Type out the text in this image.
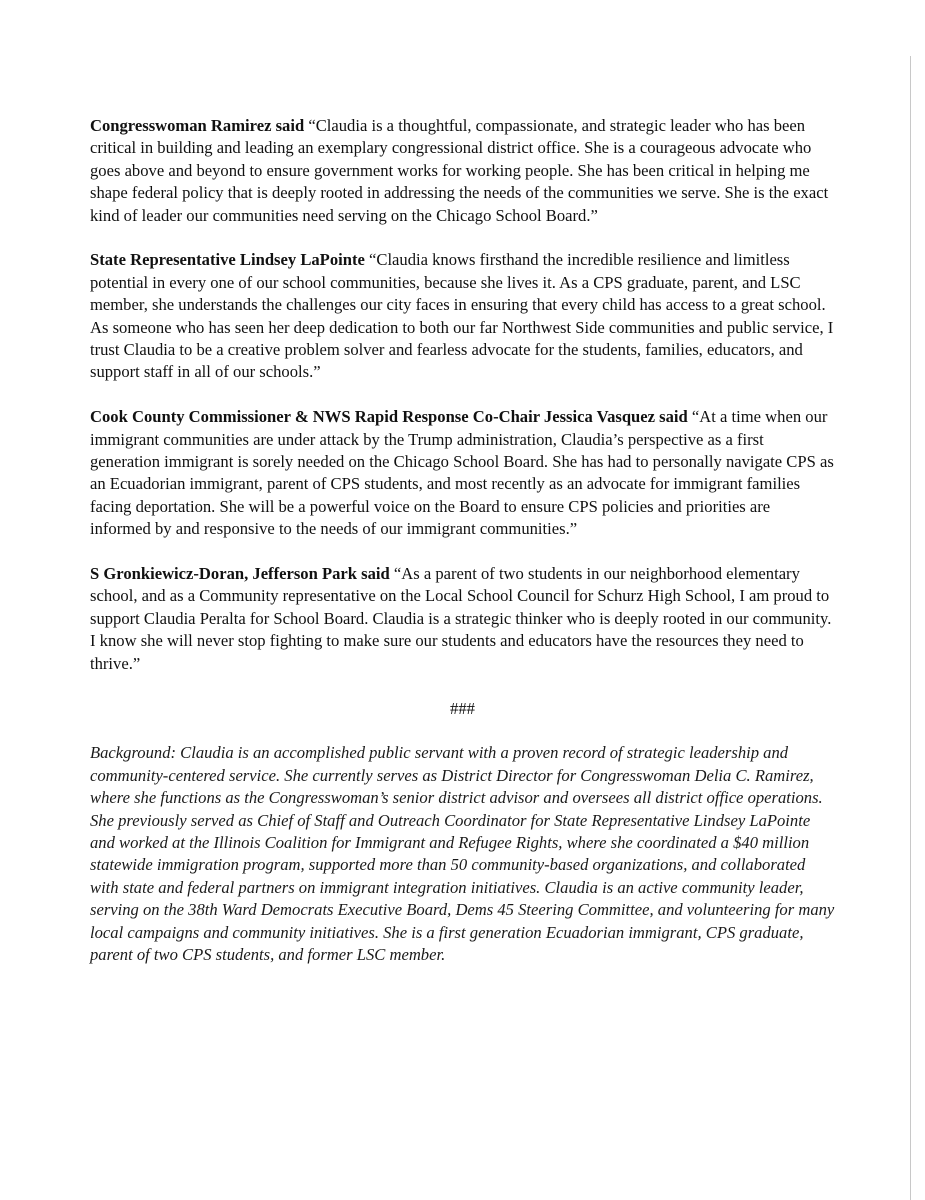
Congresswoman Ramirez said “Claudia is a thoughtful, compassionate, and strategic leader who has been critical in building and leading an exemplary congressional district office. She is a courageous advocate who goes above and beyond to ensure government works for working people. She has been critical in helping me shape federal policy that is deeply rooted in addressing the needs of the communities we serve. She is the exact kind of leader our communities need serving on the Chicago School Board.”

State Representative Lindsey LaPointe “Claudia knows firsthand the incredible resilience and limitless potential in every one of our school communities, because she lives it. As a CPS graduate, parent, and LSC member, she understands the challenges our city faces in ensuring that every child has access to a great school. As someone who has seen her deep dedication to both our far Northwest Side communities and public service, I trust Claudia to be a creative problem solver and fearless advocate for the students, families, educators, and support staff in all of our schools.”

Cook County Commissioner & NWS Rapid Response Co-Chair Jessica Vasquez said “At a time when our immigrant communities are under attack by the Trump administration, Claudia’s perspective as a first generation immigrant is sorely needed on the Chicago School Board. She has had to personally navigate CPS as an Ecuadorian immigrant, parent of CPS students, and most recently as an advocate for immigrant families facing deportation. She will be a powerful voice on the Board to ensure CPS policies and priorities are informed by and responsive to the needs of our immigrant communities.”

S Gronkiewicz-Doran, Jefferson Park said “As a parent of two students in our neighborhood elementary school, and as a Community representative on the Local School Council for Schurz High School, I am proud to support Claudia Peralta for School Board. Claudia is a strategic thinker who is deeply rooted in our community. I know she will never stop fighting to make sure our students and educators have the resources they need to thrive.”

###

Background: Claudia is an accomplished public servant with a proven record of strategic leadership and community-centered service. She currently serves as District Director for Congresswoman Delia C. Ramirez, where she functions as the Congresswoman’s senior district advisor and oversees all district office operations. She previously served as Chief of Staff and Outreach Coordinator for State Representative Lindsey LaPointe and worked at the Illinois Coalition for Immigrant and Refugee Rights, where she coordinated a $40 million statewide immigration program, supported more than 50 community-based organizations, and collaborated with state and federal partners on immigrant integration initiatives. Claudia is an active community leader, serving on the 38th Ward Democrats Executive Board, Dems 45 Steering Committee, and volunteering for many local campaigns and community initiatives. She is a first generation Ecuadorian immigrant, CPS graduate, parent of two CPS students, and former LSC member.
